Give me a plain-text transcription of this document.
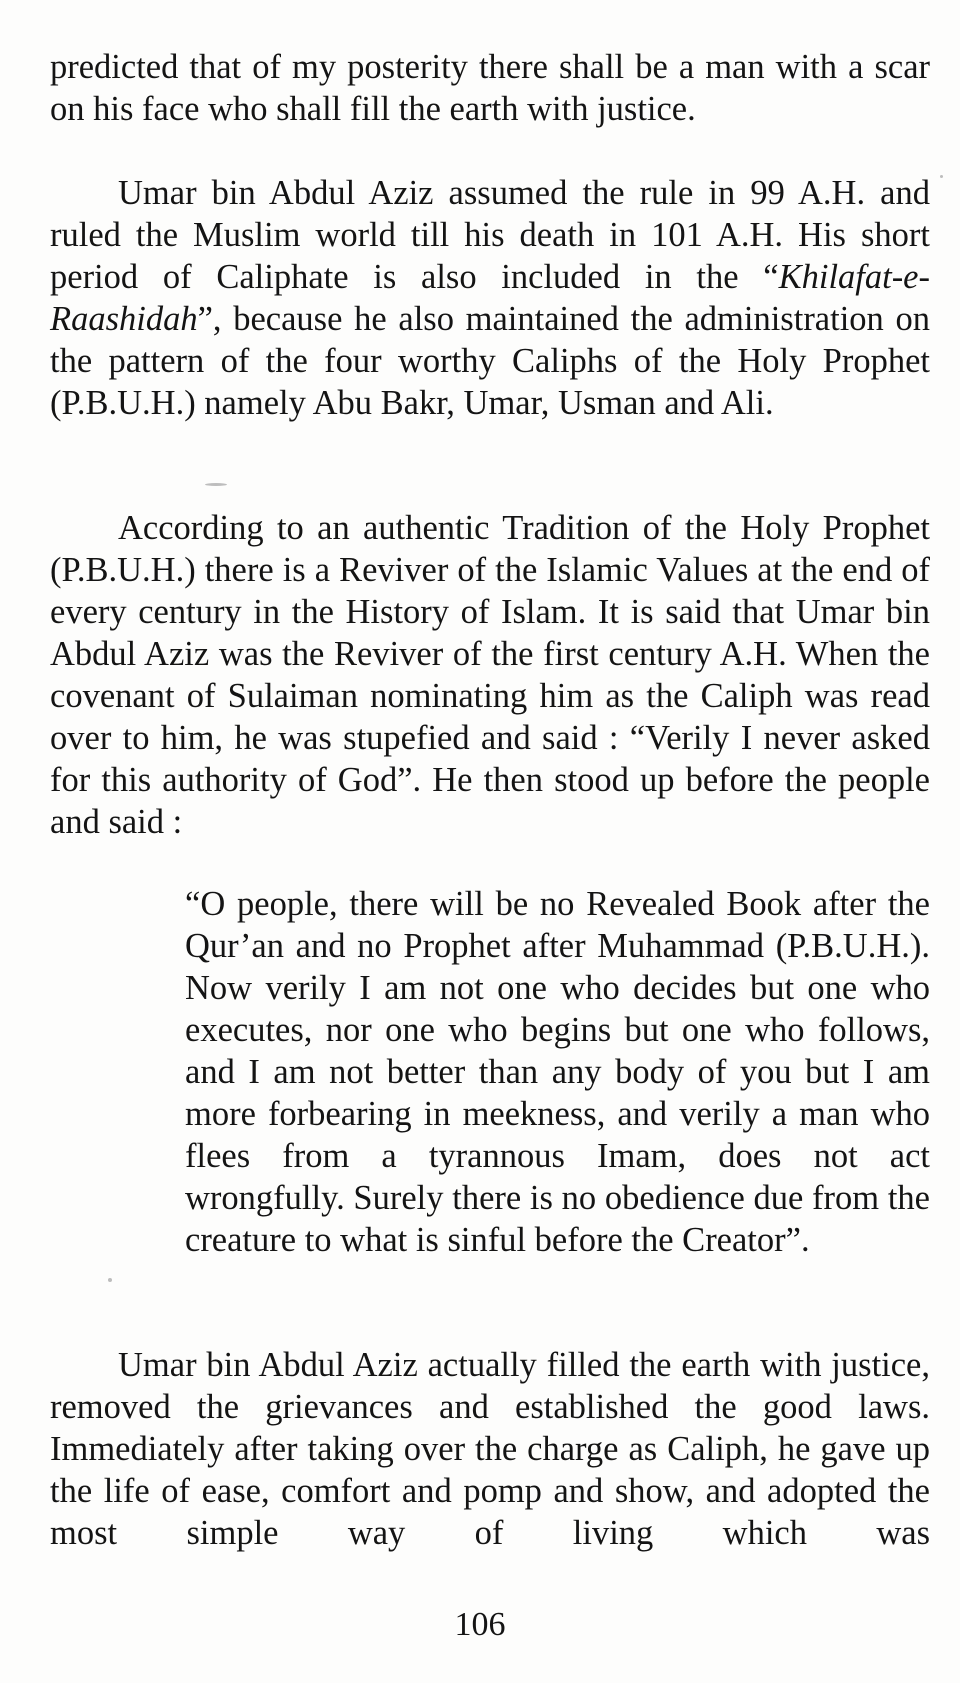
predicted that of my posterity there shall be a man with a scar on his face who shall fill the earth with justice.

Umar bin Abdul Aziz assumed the rule in 99 A.H. and ruled the Muslim world till his death in 101 A.H. His short period of Caliphate is also included in the “Khilafat-e-Raashidah”, because he also maintained the administration on the pattern of the four worthy Caliphs of the Holy Prophet (P.B.U.H.) namely Abu Bakr, Umar, Usman and Ali.

According to an authentic Tradition of the Holy Prophet (P.B.U.H.) there is a Reviver of the Islamic Values at the end of every century in the History of Islam. It is said that Umar bin Abdul Aziz was the Reviver of the first century A.H. When the covenant of Sulaiman nominating him as the Caliph was read over to him, he was stupefied and said : “Verily I never asked for this authority of God”. He then stood up before the people and said :

“O people, there will be no Revealed Book after the Qur’an and no Prophet after Muhammad (P.B.U.H.). Now verily I am not one who decides but one who executes, nor one who begins but one who follows, and I am not better than any body of you but I am more forbearing in meekness, and verily a man who flees from a tyrannous Imam, does not act wrongfully. Surely there is no obedience due from the creature to what is sinful before the Creator”.

Umar bin Abdul Aziz actually filled the earth with justice, removed the grievances and established the good laws. Immediately after taking over the charge as Caliph, he gave up the life of ease, comfort and pomp and show, and adopted the most simple way of living which was

106
